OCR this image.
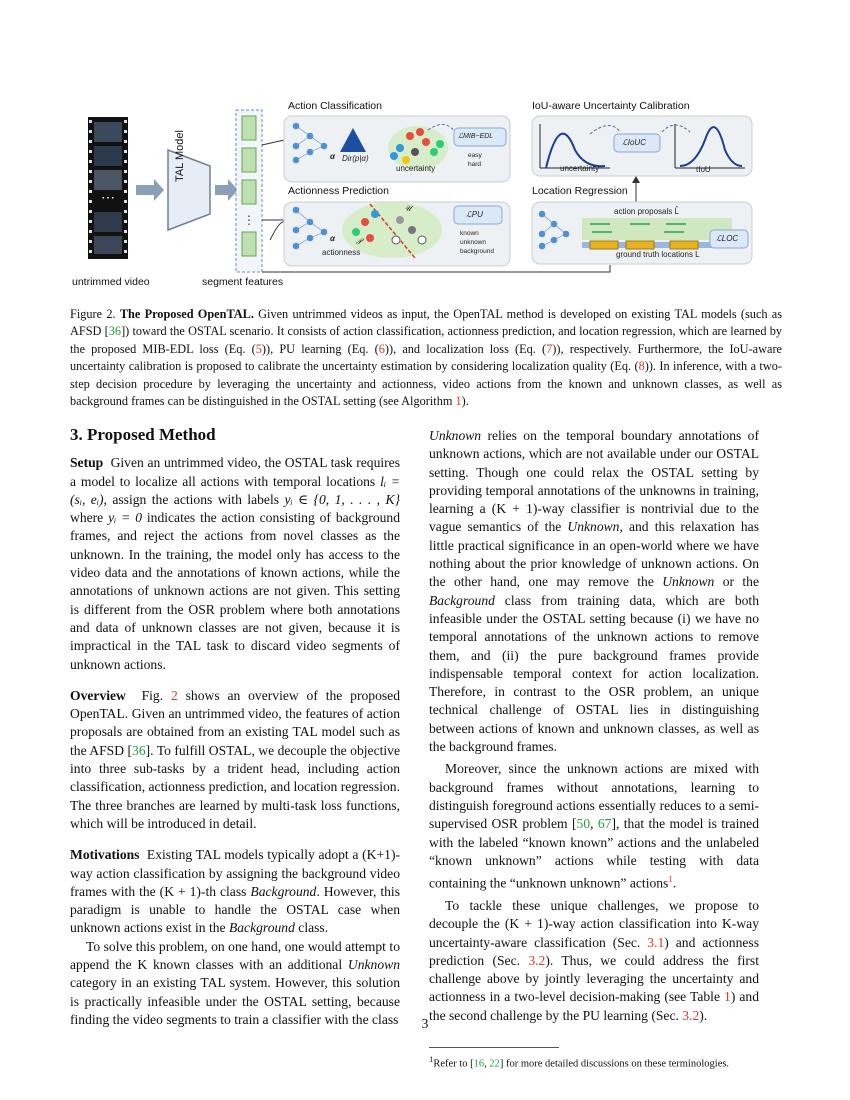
⋯
⋮
Action Classification	IoU-aware Uncertainty Calibration
Actionness Prediction	Location Regression
TAL Model
untrimmed video	segment features
α Dir(p|α)
uncertainty
ℒMIB−EDL
easy
hard
ℒIoUC
uncertainty	tIoU
α
𝒰
𝒫
actionness
ℒPU
known
unknown
background
action proposals L̂
ground truth locations L
ℒLOC
Figure 2. The Proposed OpenTAL. Given untrimmed videos as input, the OpenTAL method is developed on existing TAL models (such as AFSD [36]) toward the OSTAL scenario. It consists of action classification, actionness prediction, and location regression, which are learned by the proposed MIB-EDL loss (Eq. (5)), PU learning (Eq. (6)), and localization loss (Eq. (7)), respectively. Furthermore, the IoU-aware uncertainty calibration is proposed to calibrate the uncertainty estimation by considering localization quality (Eq. (8)). In inference, with a two-step decision procedure by leveraging the uncertainty and actionness, video actions from the known and unknown classes, as well as background frames can be distinguished in the OSTAL setting (see Algorithm 1).
3. Proposed Method

Setup Given an untrimmed video, the OSTAL task requires a model to localize all actions with temporal locations lᵢ = (sᵢ, eᵢ), assign the actions with labels yᵢ ∈ {0, 1, . . . , K} where yᵢ = 0 indicates the action consisting of background frames, and reject the actions from novel classes as the unknown. In the training, the model only has access to the video data and the annotations of known actions, while the annotations of unknown actions are not given. This setting is different from the OSR problem where both annotations and data of unknown classes are not given, because it is impractical in the TAL task to discard video segments of unknown actions.

Overview Fig. 2 shows an overview of the proposed OpenTAL. Given an untrimmed video, the features of action proposals are obtained from an existing TAL model such as the AFSD [36]. To fulfill OSTAL, we decouple the objective into three sub-tasks by a trident head, including action classification, actionness prediction, and location regression. The three branches are learned by multi-task loss functions, which will be introduced in detail.

Motivations Existing TAL models typically adopt a (K+1)-way action classification by assigning the background video frames with the (K + 1)-th class Background. However, this paradigm is unable to handle the OSTAL case when unknown actions exist in the Background class.

To solve this problem, on one hand, one would attempt to append the K known classes with an additional Unknown category in an existing TAL system. However, this solution is practically infeasible under the OSTAL setting, because finding the video segments to train a classifier with the class

Unknown relies on the temporal boundary annotations of unknown actions, which are not available under our OSTAL setting. Though one could relax the OSTAL setting by providing temporal annotations of the unknowns in training, learning a (K + 1)-way classifier is nontrivial due to the vague semantics of the Unknown, and this relaxation has little practical significance in an open-world where we have nothing about the prior knowledge of unknown actions. On the other hand, one may remove the Unknown or the Background class from training data, which are both infeasible under the OSTAL setting because (i) we have no temporal annotations of the unknown actions to remove them, and (ii) the pure background frames provide indispensable temporal context for action localization. Therefore, in contrast to the OSR problem, an unique technical challenge of OSTAL lies in distinguishing between actions of known and unknown classes, as well as the background frames.

Moreover, since the unknown actions are mixed with background frames without annotations, learning to distinguish foreground actions essentially reduces to a semi-supervised OSR problem [50, 67], that the model is trained with the labeled “known known” actions and the unlabeled “known unknown” actions while testing with data containing the “unknown unknown” actions$^1$.

To tackle these unique challenges, we propose to decouple the (K + 1)-way action classification into K-way uncertainty-aware classification (Sec. 3.1) and actionness prediction (Sec. 3.2). Thus, we could address the first challenge above by jointly leveraging the uncertainty and actionness in a two-level decision-making (see Table 1) and the second challenge by the PU learning (Sec. 3.2).

$^1$Refer to [16, 22] for more detailed discussions on these terminologies.
3
